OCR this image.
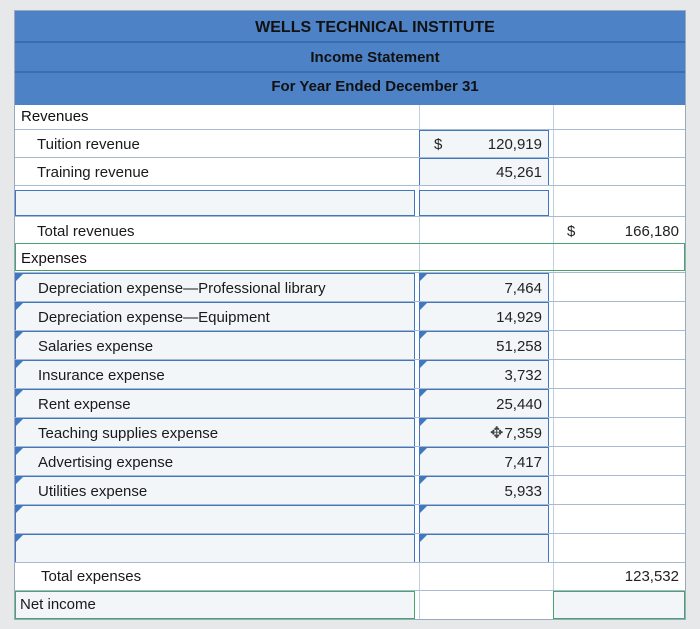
WELLS TECHNICAL INSTITUTE
Income Statement
For Year Ended December 31
Revenues
Tuition revenue	$	120,919
Training revenue	45,261
Total revenues	$	166,180
Expenses
Depreciation expense—Professional library	7,464
Depreciation expense—Equipment	14,929
Salaries expense	51,258
Insurance expense	3,732
Rent expense	25,440
Teaching supplies expense	✥ 7,359
Advertising expense	7,417
Utilities expense	5,933
Total expenses	123,532
Net income
